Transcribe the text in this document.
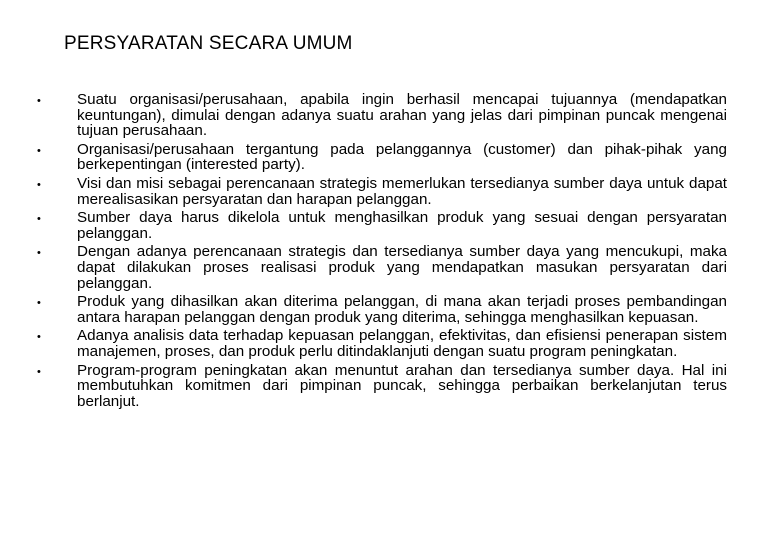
PERSYARATAN SECARA UMUM
•	Suatu organisasi/perusahaan, apabila ingin berhasil mencapai tujuannya (mendapatkan keuntungan), dimulai dengan adanya suatu arahan yang jelas dari pimpinan puncak mengenai tujuan perusahaan.
•	Organisasi/perusahaan tergantung pada pelanggannya (customer) dan pihak-pihak yang berkepentingan (interested party).
•	Visi dan misi sebagai perencanaan strategis memerlukan tersedianya sumber daya untuk dapat merealisasikan persyaratan dan harapan pelanggan.
•	Sumber daya harus dikelola untuk menghasilkan produk yang sesuai dengan persyaratan pelanggan.
•	Dengan adanya perencanaan strategis dan tersedianya sumber daya yang mencukupi, maka dapat dilakukan proses realisasi produk yang mendapatkan masukan persyaratan dari pelanggan.
•	Produk yang dihasilkan akan diterima pelanggan, di mana akan terjadi proses pembandingan antara harapan pelanggan dengan produk yang diterima, sehingga menghasilkan kepuasan.
•	Adanya analisis data terhadap kepuasan pelanggan, efektivitas, dan efisiensi penerapan sistem manajemen, proses, dan produk perlu ditindaklanjuti dengan suatu program peningkatan.
•	Program-program peningkatan akan menuntut arahan dan tersedianya sumber daya. Hal ini membutuhkan komitmen dari pimpinan puncak, sehingga perbaikan berkelanjutan terus berlanjut.
